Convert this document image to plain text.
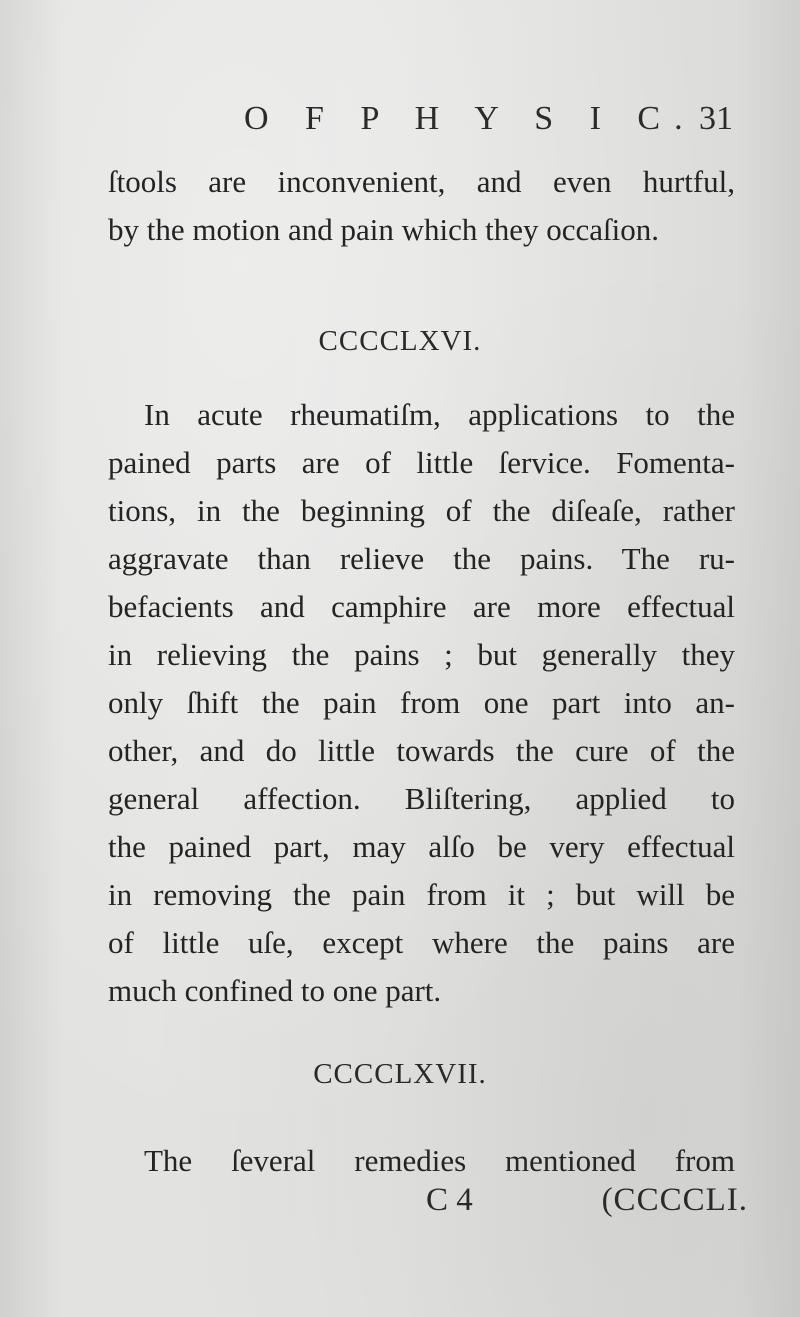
O F P H Y S I C. 31
ſtools are inconvenient, and even hurtful,
by the motion and pain which they occaſion.
CCCCLXVI.
In acute rheumatiſm, applications to the
pained parts are of little ſervice. Fomenta-
tions, in the beginning of the diſeaſe, rather
aggravate than relieve the pains. The ru-
befacients and camphire are more effectual
in relieving the pains ; but generally they
only ſhift the pain from one part into an-
other, and do little towards the cure of the
general affection. Bliſtering, applied to
the pained part, may alſo be very effectual
in removing the pain from it ; but will be
of little uſe, except where the pains are
much confined to one part.
CCCCLXVII.
The ſeveral remedies mentioned from
C 4	(CCCCLI.
